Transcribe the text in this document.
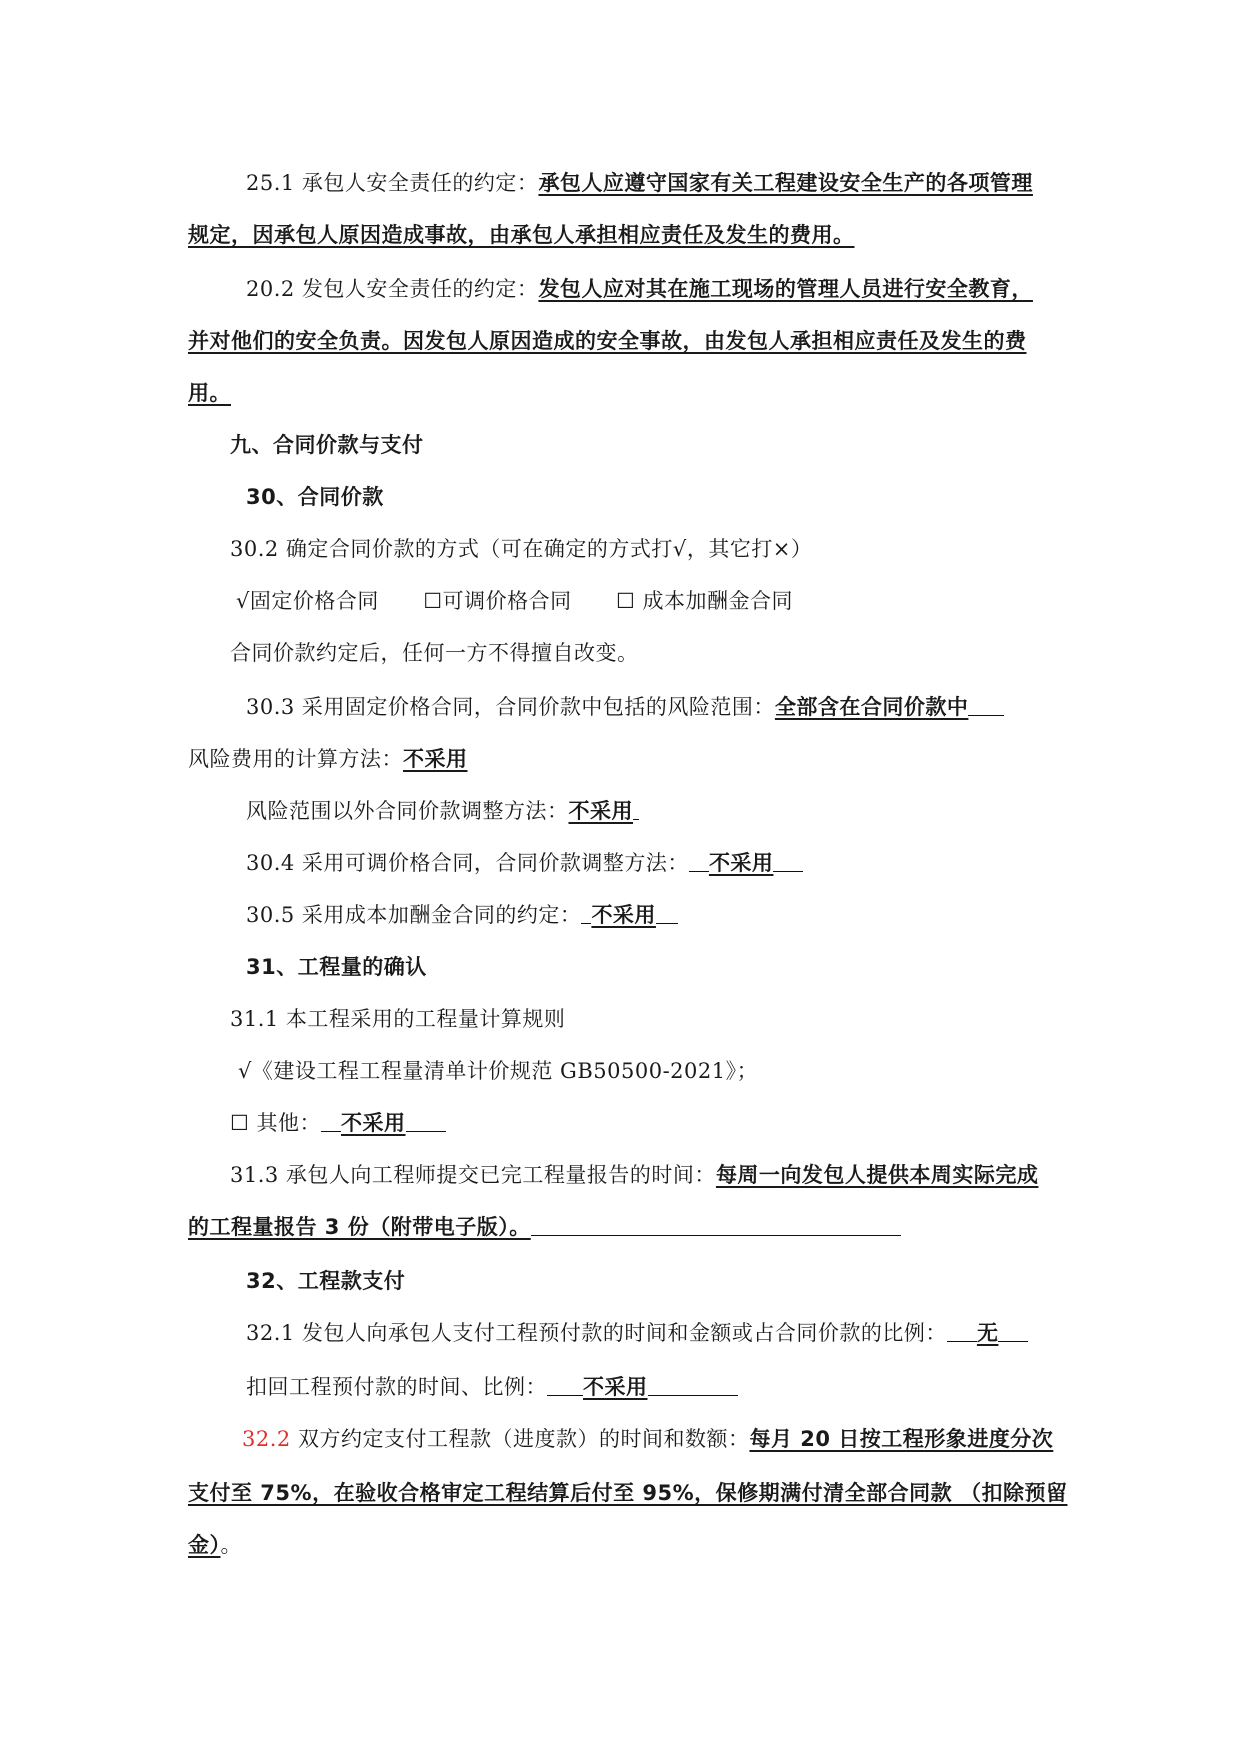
25.1 承包人安全责任的约定：承包人应遵守国家有关工程建设安全生产的各项管理
规定，因承包人原因造成事故，由承包人承担相应责任及发生的费用。
20.2 发包人安全责任的约定：发包人应对其在施工现场的管理人员进行安全教育，
并对他们的安全负责。因发包人原因造成的安全事故，由发包人承担相应责任及发生的费
用。
九、合同价款与支付
30、合同价款
30.2 确定合同价款的方式（可在确定的方式打√，其它打×）
√固定价格合同 ☐可调价格合同 ☐ 成本加酬金合同
合同价款约定后，任何一方不得擅自改变。
30.3 采用固定价格合同，合同价款中包括的风险范围：全部含在合同价款中
风险费用的计算方法：不采用
风险范围以外合同价款调整方法：不采用
30.4 采用可调价格合同，合同价款调整方法： 不采用
30.5 采用成本加酬金合同的约定： 不采用
31、工程量的确认
31.1 本工程采用的工程量计算规则
√《建设工程工程量清单计价规范 GB50500-2021》；
☐ 其他： 不采用
31.3 承包人向工程师提交已完工程量报告的时间：每周一向发包人提供本周实际完成
的工程量报告 3 份（附带电子版）。
32、工程款支付
32.1 发包人向承包人支付工程预付款的时间和金额或占合同价款的比例： 无
扣回工程预付款的时间、比例： 不采用
32.2 双方约定支付工程款（进度款）的时间和数额：每月 20 日按工程形象进度分次
支付至 75%，在验收合格审定工程结算后付至 95%，保修期满付清全部合同款 （扣除预留
金）。
